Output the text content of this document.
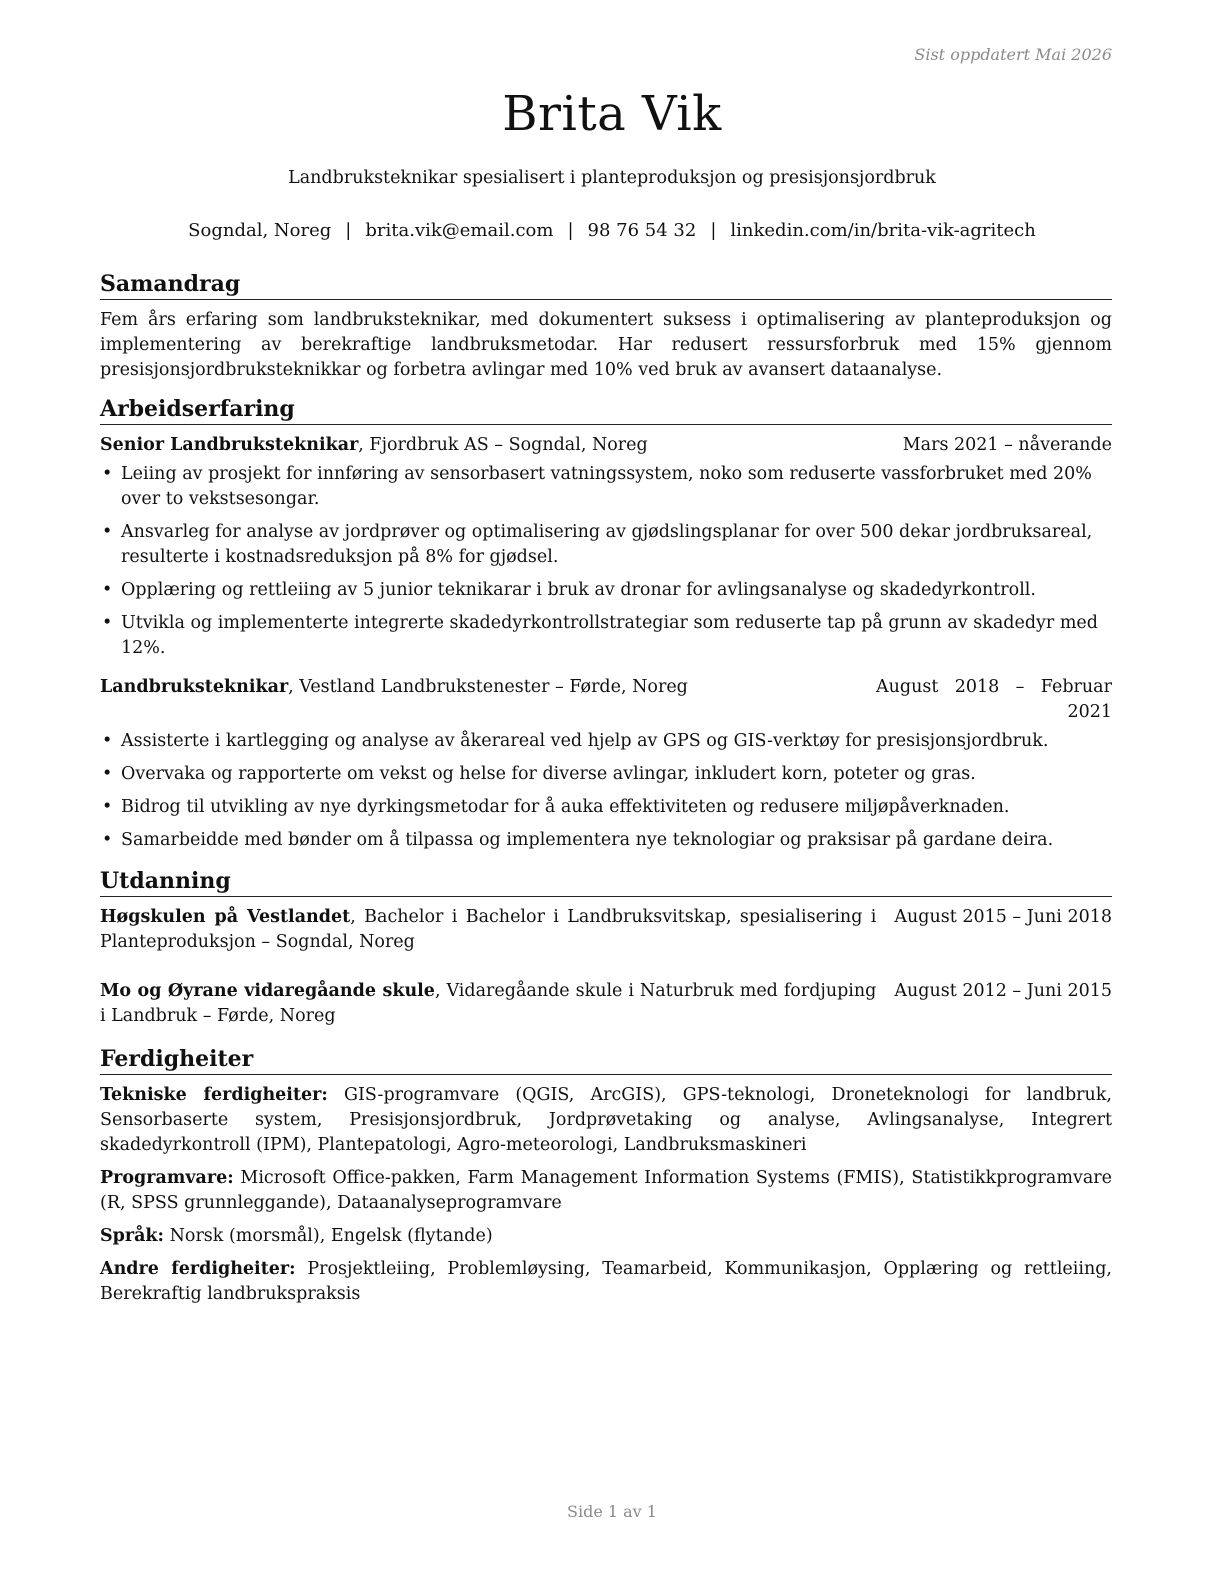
Sist oppdatert Mai 2026
Brita Vik
Landbruksteknikar spesialisert i planteproduksjon og presisjonsjordbruk
Sogndal, Noreg | brita.vik@email.com | 98 76 54 32 | linkedin.com/in/brita-vik-agritech
Samandrag

Fem års erfaring som landbruksteknikar, med dokumentert suksess i optimalisering av planteproduksjon og implementering av berekraftige landbruksmetodar. Har redusert ressursforbruk med 15% gjennom presisjonsjordbruksteknikkar og forbetra avlingar med 10% ved bruk av avansert dataanalyse.

Arbeidserfaring
Senior Landbruksteknikar, Fjordbruk AS – Sogndal, Noreg	Mars 2021 – nåverande
• Leiing av prosjekt for innføring av sensorbasert vatningssystem, noko som reduserte vassforbruket med 20% over to vekstsesongar.
• Ansvarleg for analyse av jordprøver og optimalisering av gjødslingsplanar for over 500 dekar jordbruksareal, resulterte i kostnadsreduksjon på 8% for gjødsel.
• Opplæring og rettleiing av 5 junior teknikarar i bruk av dronar for avlingsanalyse og skadedyrkontroll.
• Utvikla og implementerte integrerte skadedyrkontrollstrategiar som reduserte tap på grunn av skadedyr med 12%.
Landbruksteknikar, Vestland Landbrukstenester – Førde, Noreg	August 2018 – Februar 2021
• Assisterte i kartlegging og analyse av åkerareal ved hjelp av GPS og GIS-verktøy for presisjonsjordbruk.
• Overvaka og rapporterte om vekst og helse for diverse avlingar, inkludert korn, poteter og gras.
• Bidrog til utvikling av nye dyrkingsmetodar for å auka effektiviteten og redusere miljøpåverknaden.
• Samarbeidde med bønder om å tilpassa og implementera nye teknologiar og praksisar på gardane deira.
Utdanning
Høgskulen på Vestlandet, Bachelor i Bachelor i Landbruksvitskap, spesialisering i Planteproduksjon – Sogndal, Noreg
August 2015 – Juni 2018
Mo og Øyrane vidaregåande skule, Vidaregåande skule i Naturbruk med fordjuping i Landbruk – Førde, Noreg
August 2012 – Juni 2015
Ferdigheiter
Tekniske ferdigheiter: GIS-programvare (QGIS, ArcGIS), GPS-teknologi, Droneteknologi for landbruk, Sensorbaserte system, Presisjonsjordbruk, Jordprøvetaking og analyse, Avlingsanalyse, Integrert skadedyrkontroll (IPM), Plantepatologi, Agro-meteorologi, Landbruksmaskineri
Programvare: Microsoft Office-pakken, Farm Management Information Systems (FMIS), Statistikkprogramvare (R, SPSS grunnleggande), Dataanalyseprogramvare
Språk: Norsk (morsmål), Engelsk (flytande)
Andre ferdigheiter: Prosjektleiing, Problemløysing, Teamarbeid, Kommunikasjon, Opplæring og rettleiing, Berekraftig landbrukspraksis
Side 1 av 1
